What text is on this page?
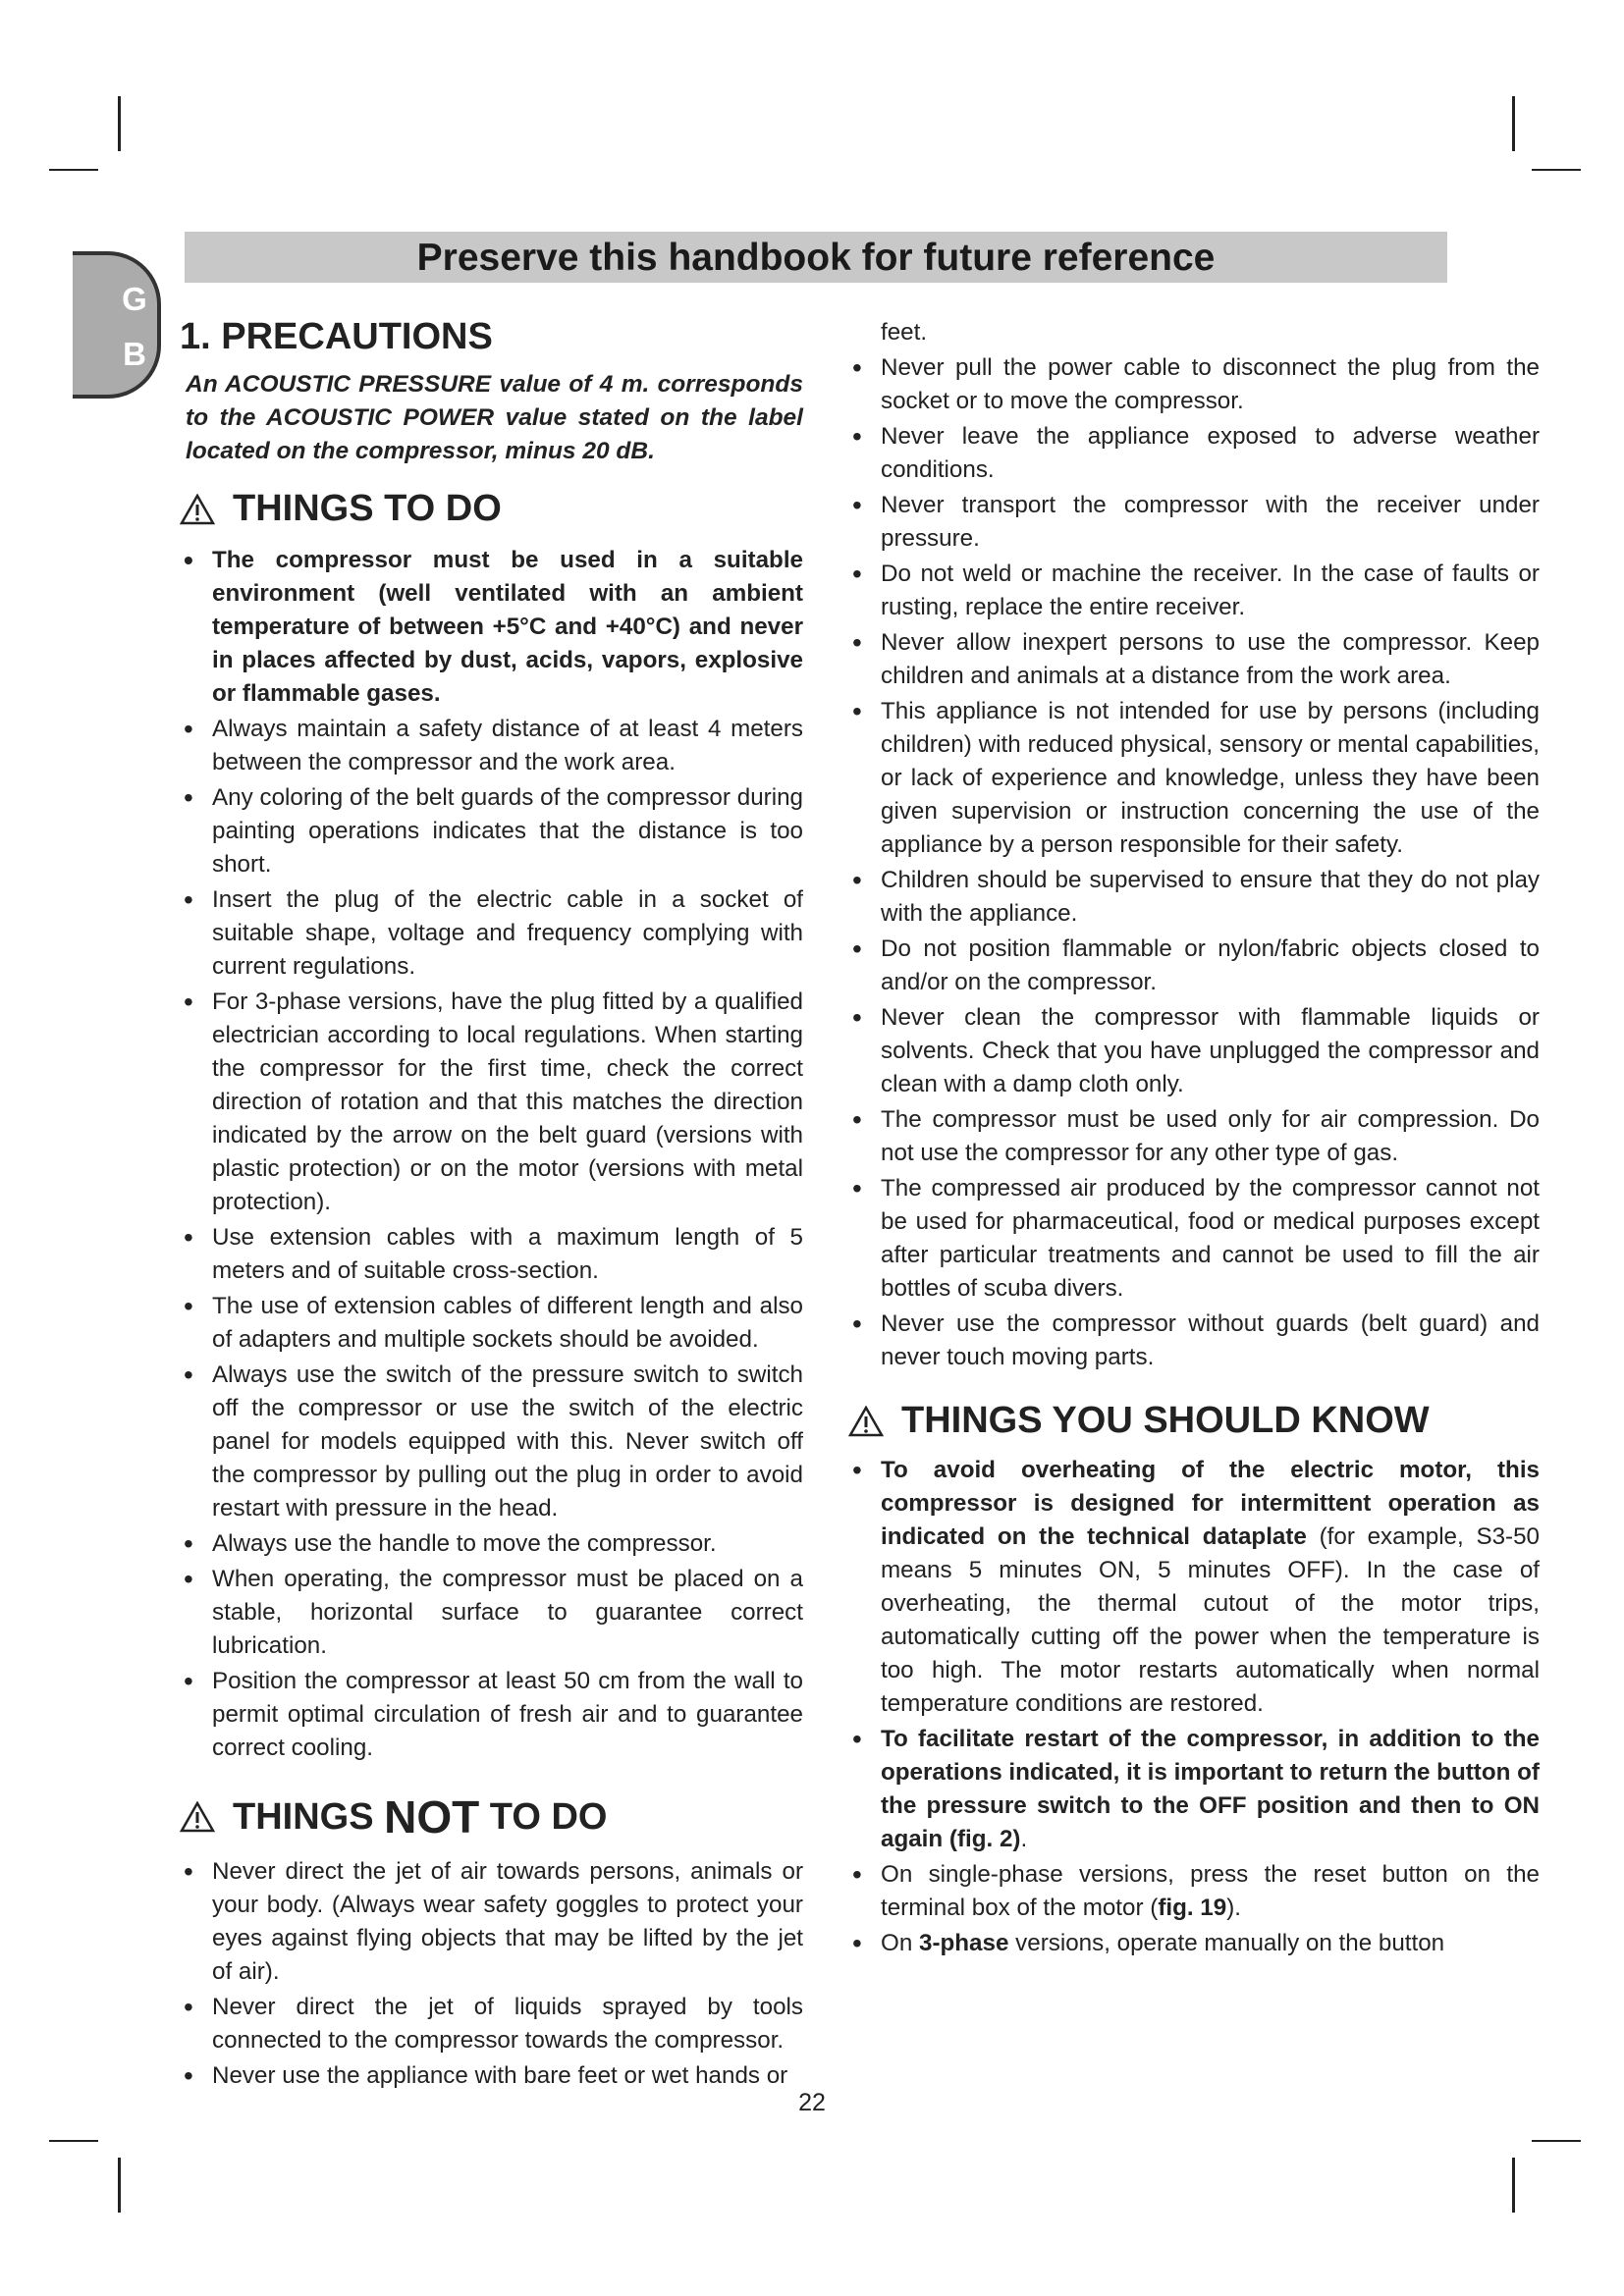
Preserve this handbook for future reference
G
B 1. PRECAUTIONS
An ACOUSTIC PRESSURE value of 4 m. corresponds to the ACOUSTIC POWER value stated on the label located on the compressor, minus 20 dB.
THINGS TO DO
• The compressor must be used in a suitable environment (well ventilated with an ambient temperature of between +5°C and +40°C) and never in places affected by dust, acids, vapors, explosive or flammable gases.
• Always maintain a safety distance of at least 4 meters between the compressor and the work area.
• Any coloring of the belt guards of the compressor during painting operations indicates that the distance is too short.
• Insert the plug of the electric cable in a socket of suitable shape, voltage and frequency complying with current regulations.
• For 3-phase versions, have the plug fitted by a qualified electrician according to local regulations. When starting the compressor for the first time, check the correct direction of rotation and that this matches the direction indicated by the arrow on the belt guard (versions with plastic protection) or on the motor (versions with metal protection).
• Use extension cables with a maximum length of 5 meters and of suitable cross-section.
• The use of extension cables of different length and also of adapters and multiple sockets should be avoided.
• Always use the switch of the pressure switch to switch off the compressor or use the switch of the electric panel for models equipped with this. Never switch off the compressor by pulling out the plug in order to avoid restart with pressure in the head.
• Always use the handle to move the compressor.
• When operating, the compressor must be placed on a stable, horizontal surface to guarantee correct lubrication.
• Position the compressor at least 50 cm from the wall to permit optimal circulation of fresh air and to guarantee correct cooling.
THINGS
NOT
TO DO
• Never direct the jet of air towards persons, animals or your body. (Always wear safety goggles to protect your eyes against flying objects that may be lifted by the jet of air).
• Never direct the jet of liquids sprayed by tools connected to the compressor towards the compressor.
• Never use the appliance with bare feet or wet hands or
feet.
• Never pull the power cable to disconnect the plug from the socket or to move the compressor.
• Never leave the appliance exposed to adverse weather conditions.
• Never transport the compressor with the receiver under pressure.
• Do not weld or machine the receiver. In the case of faults or rusting, replace the entire receiver.
• Never allow inexpert persons to use the compressor. Keep children and animals at a distance from the work area.
• This appliance is not intended for use by persons (including children) with reduced physical, sensory or mental capabilities, or lack of experience and knowledge, unless they have been given supervision or instruction concerning the use of the appliance by a person responsible for their safety.
• Children should be supervised to ensure that they do not play with the appliance.
• Do not position flammable or nylon/fabric objects closed to and/or on the compressor.
• Never clean the compressor with flammable liquids or solvents. Check that you have unplugged the compressor and clean with a damp cloth only.
• The compressor must be used only for air compression. Do not use the compressor for any other type of gas.
• The compressed air produced by the compressor cannot not be used for pharmaceutical, food or medical purposes except after particular treatments and cannot be used to fill the air bottles of scuba divers.
• Never use the compressor without guards (belt guard) and never touch moving parts.
THINGS YOU SHOULD KNOW
• To avoid overheating of the electric motor, this compressor is designed for intermittent operation as indicated on the technical dataplate (for example, S3-50 means 5 minutes ON, 5 minutes OFF). In the case of overheating, the thermal cutout of the motor trips, automatically cutting off the power when the temperature is too high. The motor restarts automatically when normal temperature conditions are restored.
• To facilitate restart of the compressor, in addition to the operations indicated, it is important to return the button of the pressure switch to the OFF position and then to ON again (fig. 2).
• On single-phase versions, press the reset button on the terminal box of the motor (fig. 19).
• On 3-phase versions, operate manually on the button
22
